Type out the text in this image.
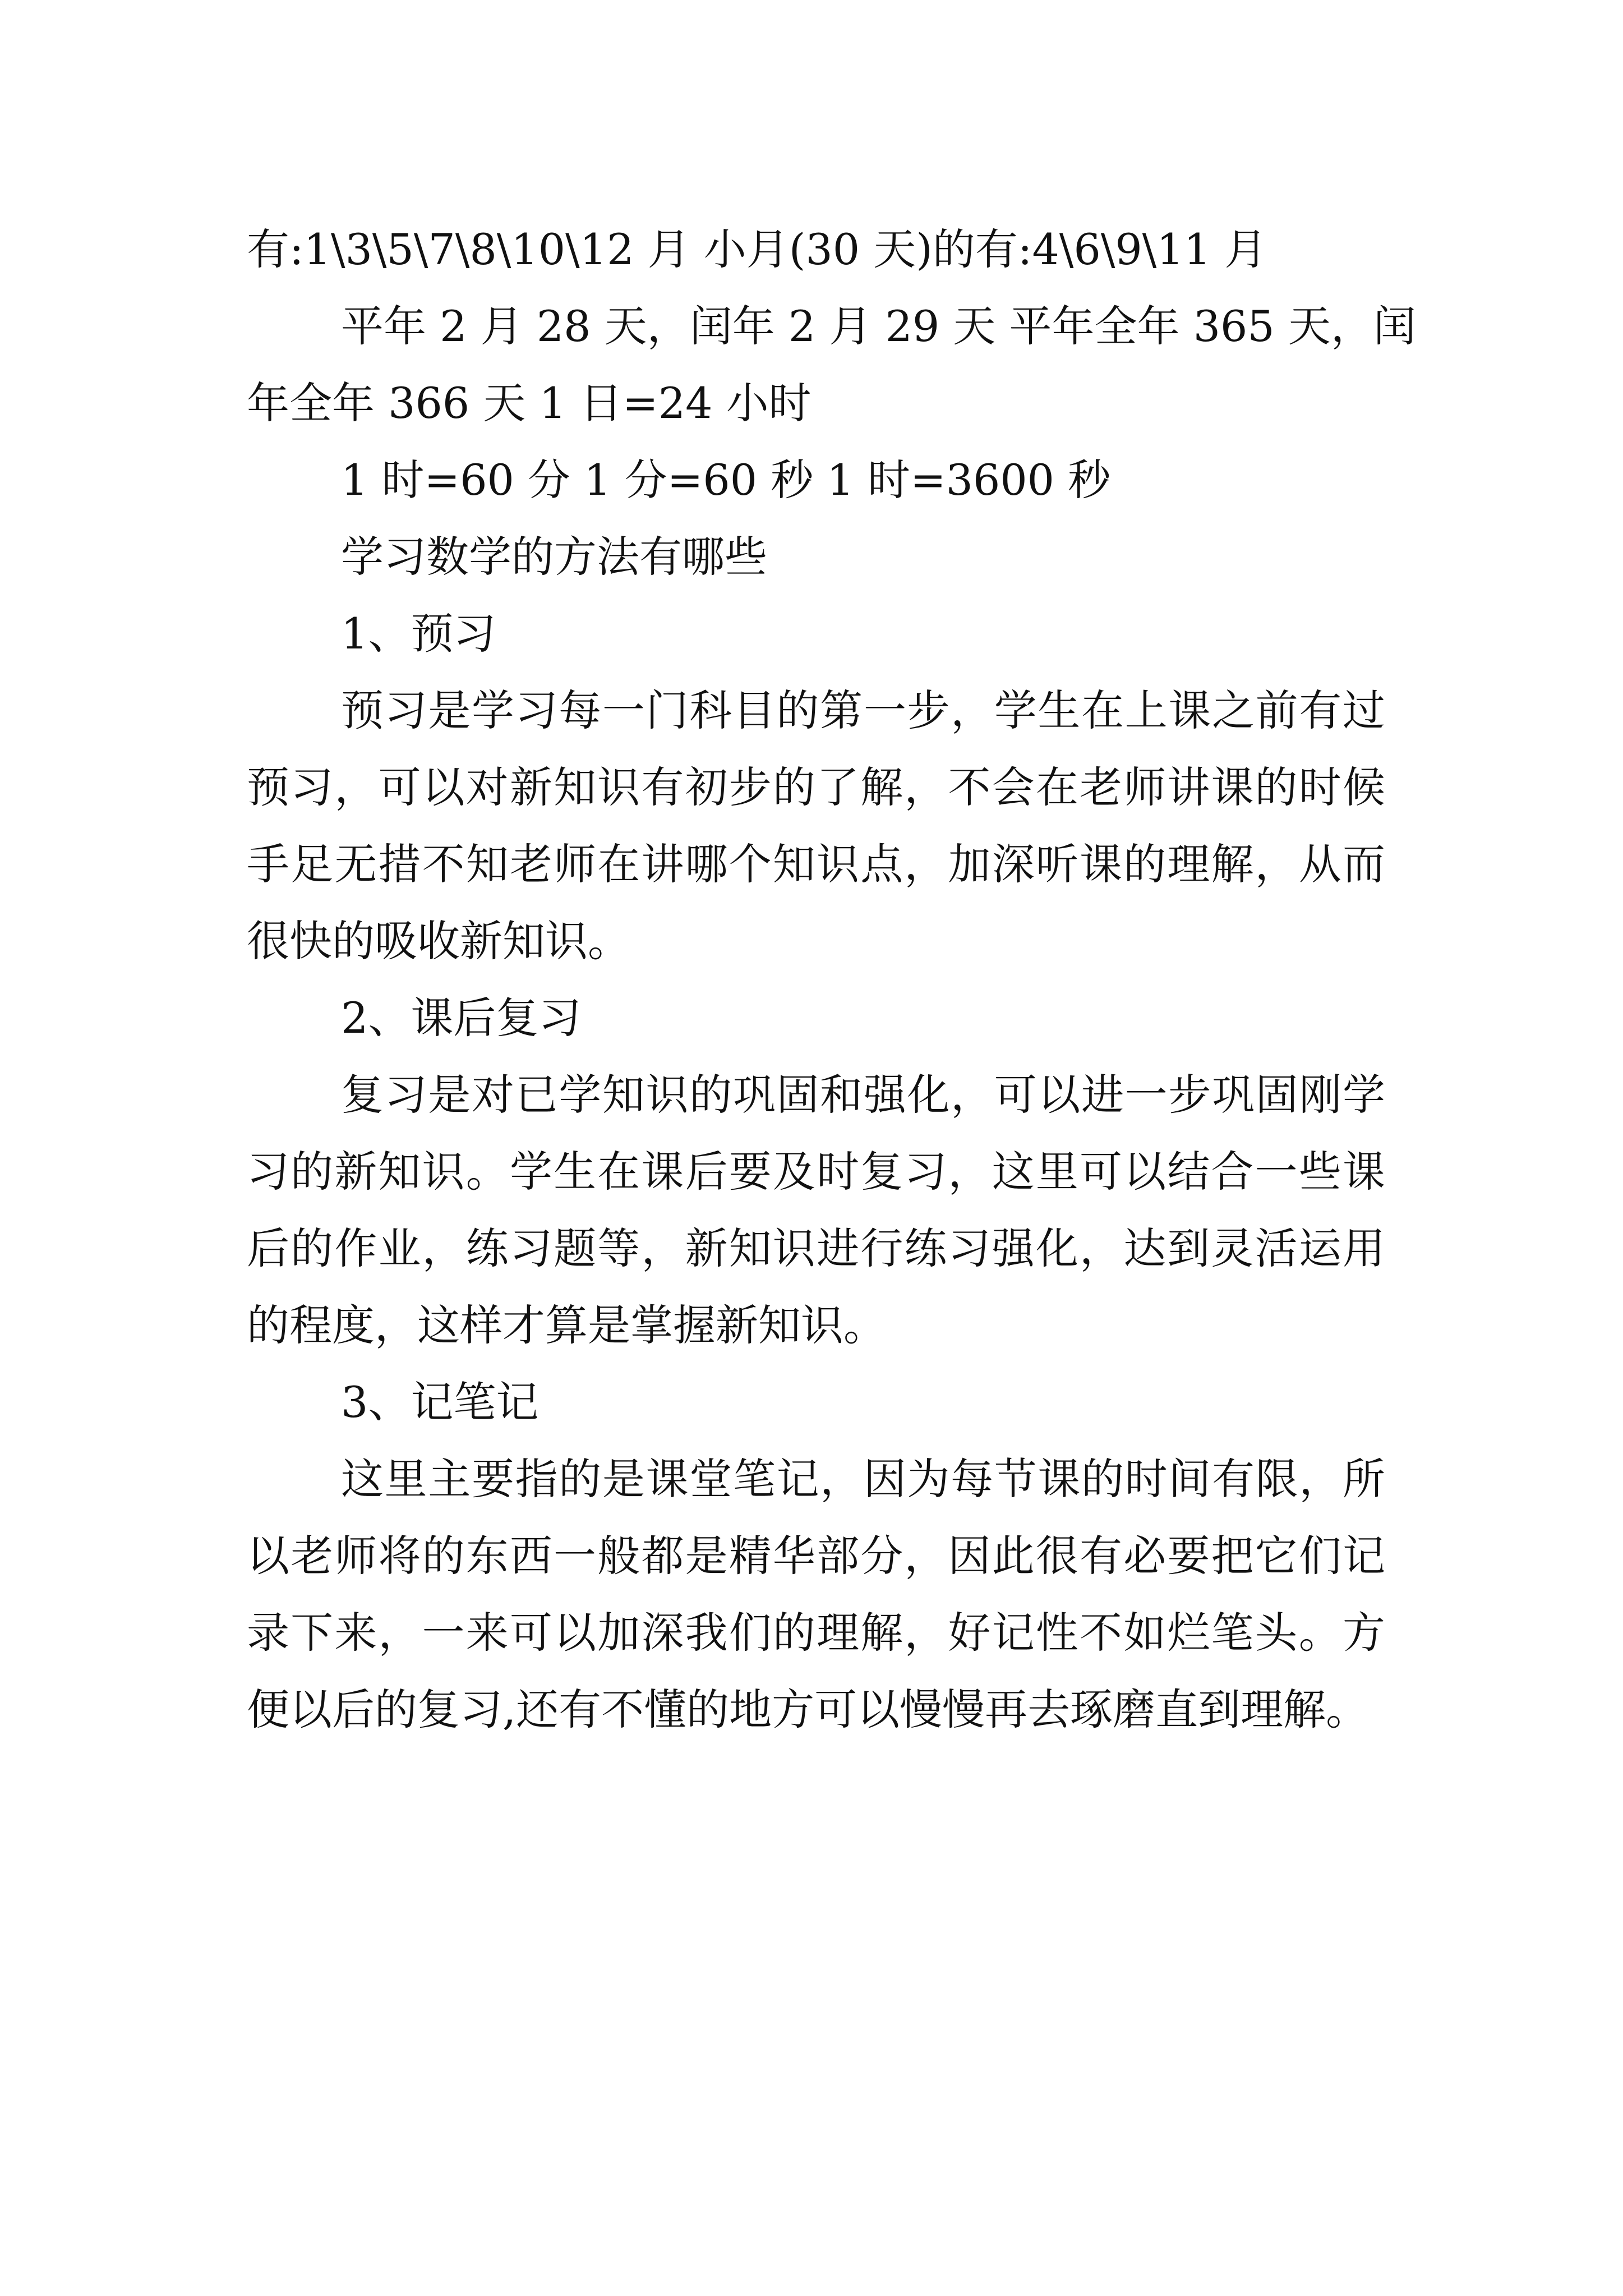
有:1\3\5\7\8\10\12 月 小月(30 天)的有:4\6\9\11 月

平年 2 月 28 天，闰年 2 月 29 天 平年全年 365 天，闰

年全年 366 天 1 日=24 小时

1 时=60 分 1 分=60 秒 1 时=3600 秒

学习数学的方法有哪些

1、预习

预习是学习每一门科目的第一步，学生在上课之前有过预习，可以对新知识有初步的了解，不会在老师讲课的时候手足无措不知老师在讲哪个知识点，加深听课的理解，从而很快的吸收新知识。

2、课后复习

复习是对已学知识的巩固和强化，可以进一步巩固刚学习的新知识。学生在课后要及时复习，这里可以结合一些课后的作业，练习题等，新知识进行练习强化，达到灵活运用的程度，这样才算是掌握新知识。

3、记笔记

这里主要指的是课堂笔记，因为每节课的时间有限，所以老师将的东西一般都是精华部分，因此很有必要把它们记录下来，一来可以加深我们的理解，好记性不如烂笔头。方便以后的复习,还有不懂的地方可以慢慢再去琢磨直到理解。
